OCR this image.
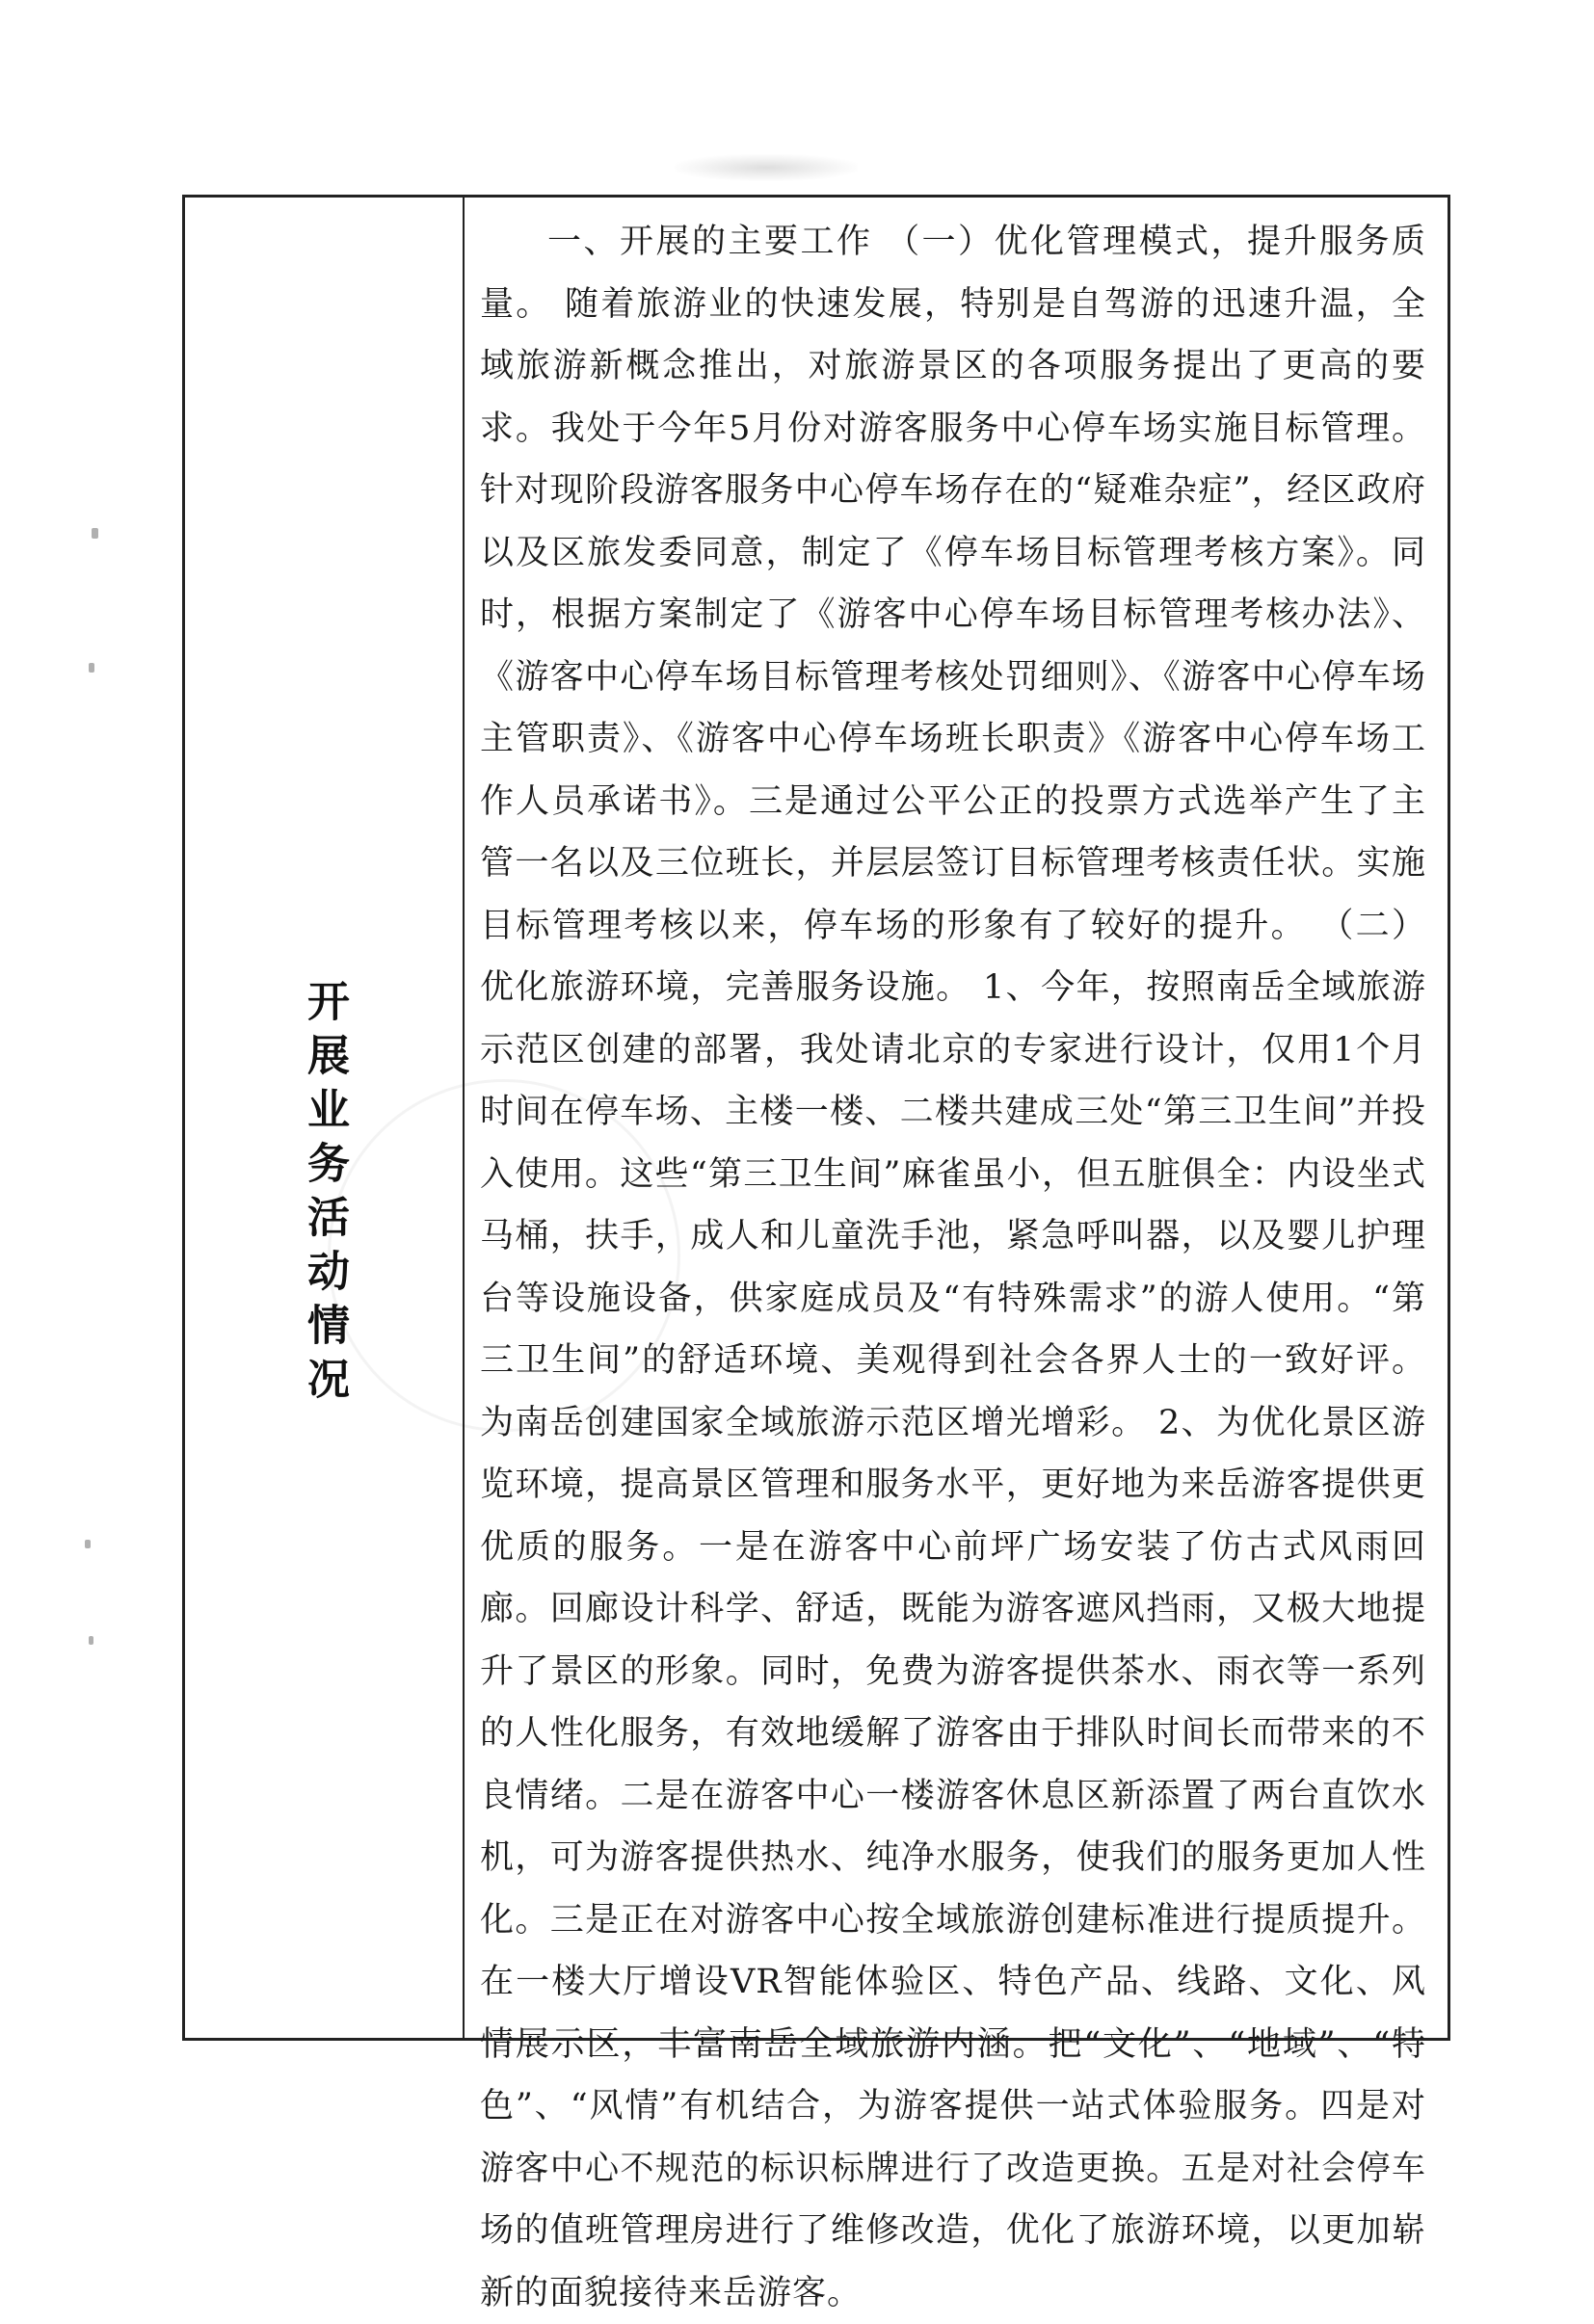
开展业务活动情况

一、开展的主要工作 （一）优化管理模式，提升服务质量。 随着旅游业的快速发展，特别是自驾游的迅速升温，全域旅游新概念推出，对旅游景区的各项服务提出了更高的要求。我处于今年5月份对游客服务中心停车场实施目标管理。针对现阶段游客服务中心停车场存在的“疑难杂症”，经区政府以及区旅发委同意，制定了《停车场目标管理考核方案》。同时，根据方案制定了《游客中心停车场目标管理考核办法》、《游客中心停车场目标管理考核处罚细则》、《游客中心停车场主管职责》、《游客中心停车场班长职责》《游客中心停车场工作人员承诺书》。三是通过公平公正的投票方式选举产生了主管一名以及三位班长，并层层签订目标管理考核责任状。实施目标管理考核以来，停车场的形象有了较好的提升。 （二）优化旅游环境，完善服务设施。 1、今年，按照南岳全域旅游示范区创建的部署，我处请北京的专家进行设计，仅用1个月时间在停车场、主楼一楼、二楼共建成三处“第三卫生间”并投入使用。这些“第三卫生间”麻雀虽小，但五脏俱全：内设坐式马桶，扶手，成人和儿童洗手池，紧急呼叫器，以及婴儿护理台等设施设备，供家庭成员及“有特殊需求”的游人使用。“第三卫生间”的舒适环境、美观得到社会各界人士的一致好评。为南岳创建国家全域旅游示范区增光增彩。 2、为优化景区游览环境，提高景区管理和服务水平，更好地为来岳游客提供更优质的服务。一是在游客中心前坪广场安装了仿古式风雨回廊。回廊设计科学、舒适，既能为游客遮风挡雨，又极大地提升了景区的形象。同时，免费为游客提供茶水、雨衣等一系列的人性化服务，有效地缓解了游客由于排队时间长而带来的不良情绪。二是在游客中心一楼游客休息区新添置了两台直饮水机，可为游客提供热水、纯净水服务，使我们的服务更加人性化。三是正在对游客中心按全域旅游创建标准进行提质提升。在一楼大厅增设VR智能体验区、特色产品、线路、文化、风情展示区，丰富南岳全域旅游内涵。把“文化”、“地域”、“特色”、“风情”有机结合，为游客提供一站式体验服务。四是对游客中心不规范的标识标牌进行了改造更换。五是对社会停车场的值班管理房进行了维修改造，优化了旅游环境，以更加崭新的面貌接待来岳游客。
